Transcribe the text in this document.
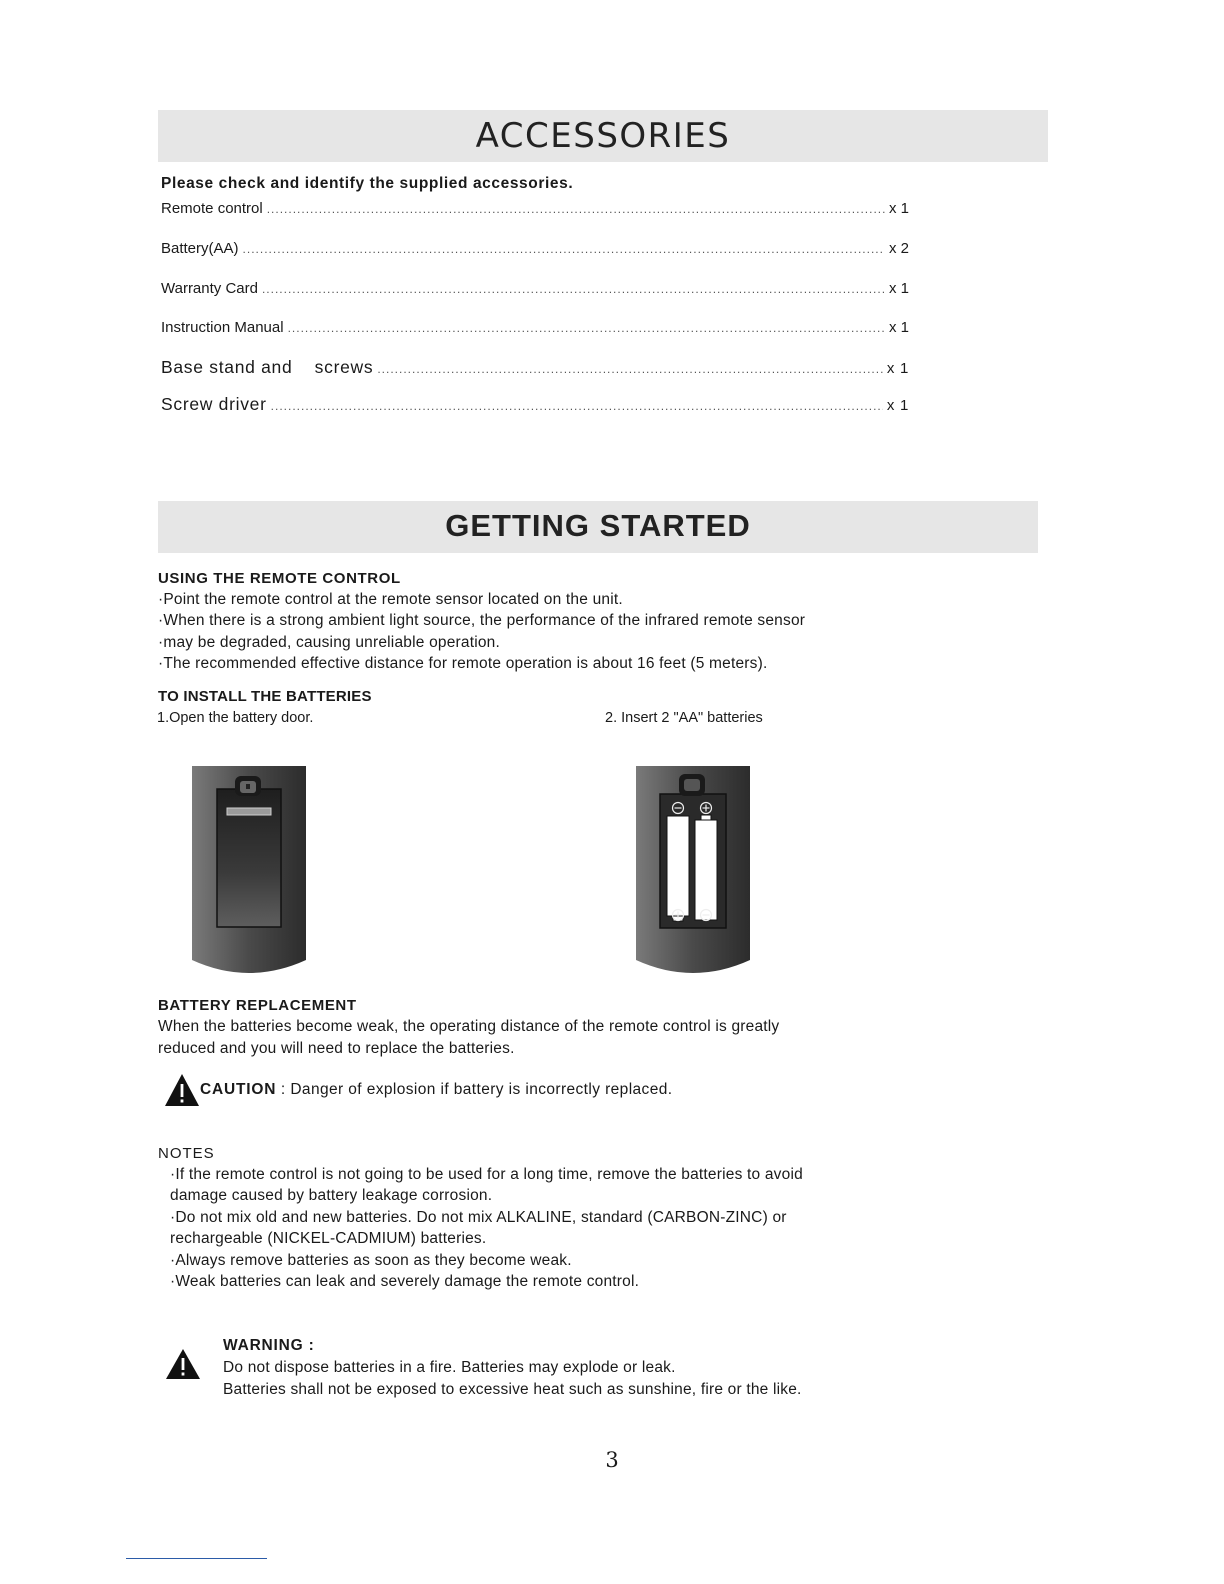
ACCESSORIES
Please check and identify the supplied accessories.
Remote control .....	x 1
Battery(AA) .....	x 2
Warranty Card .....	x 1
Instruction Manual .....	x 1
Base stand and    screws .....	x 1
Screw driver .....	x 1
GETTING STARTED
USING THE REMOTE CONTROL
·Point the remote control at the remote sensor located on the unit.
·When there is a strong ambient light source, the performance of the infrared remote sensor
·may be degraded, causing unreliable operation.
·The recommended effective distance for remote operation is about 16 feet (5 meters).
TO INSTALL THE BATTERIES
1.Open the battery door.	2. Insert 2 "AA" batteries
BATTERY REPLACEMENT
When the batteries become weak, the operating distance of the remote control is greatly
reduced and you will need to replace the batteries.
CAUTION : Danger of explosion if battery is incorrectly replaced.
NOTES
·If the remote control is not going to be used for a long time, remove the batteries to avoid
damage caused by battery leakage corrosion.
·Do not mix old and new batteries. Do not mix ALKALINE, standard (CARBON-ZINC) or
rechargeable (NICKEL-CADMIUM) batteries.
·Always remove batteries as soon as they become weak.
·Weak batteries can leak and severely damage the remote control.
WARNING :
Do not dispose batteries in a fire. Batteries may explode or leak.
Batteries shall not be exposed to excessive heat such as sunshine, fire or the like.
3
